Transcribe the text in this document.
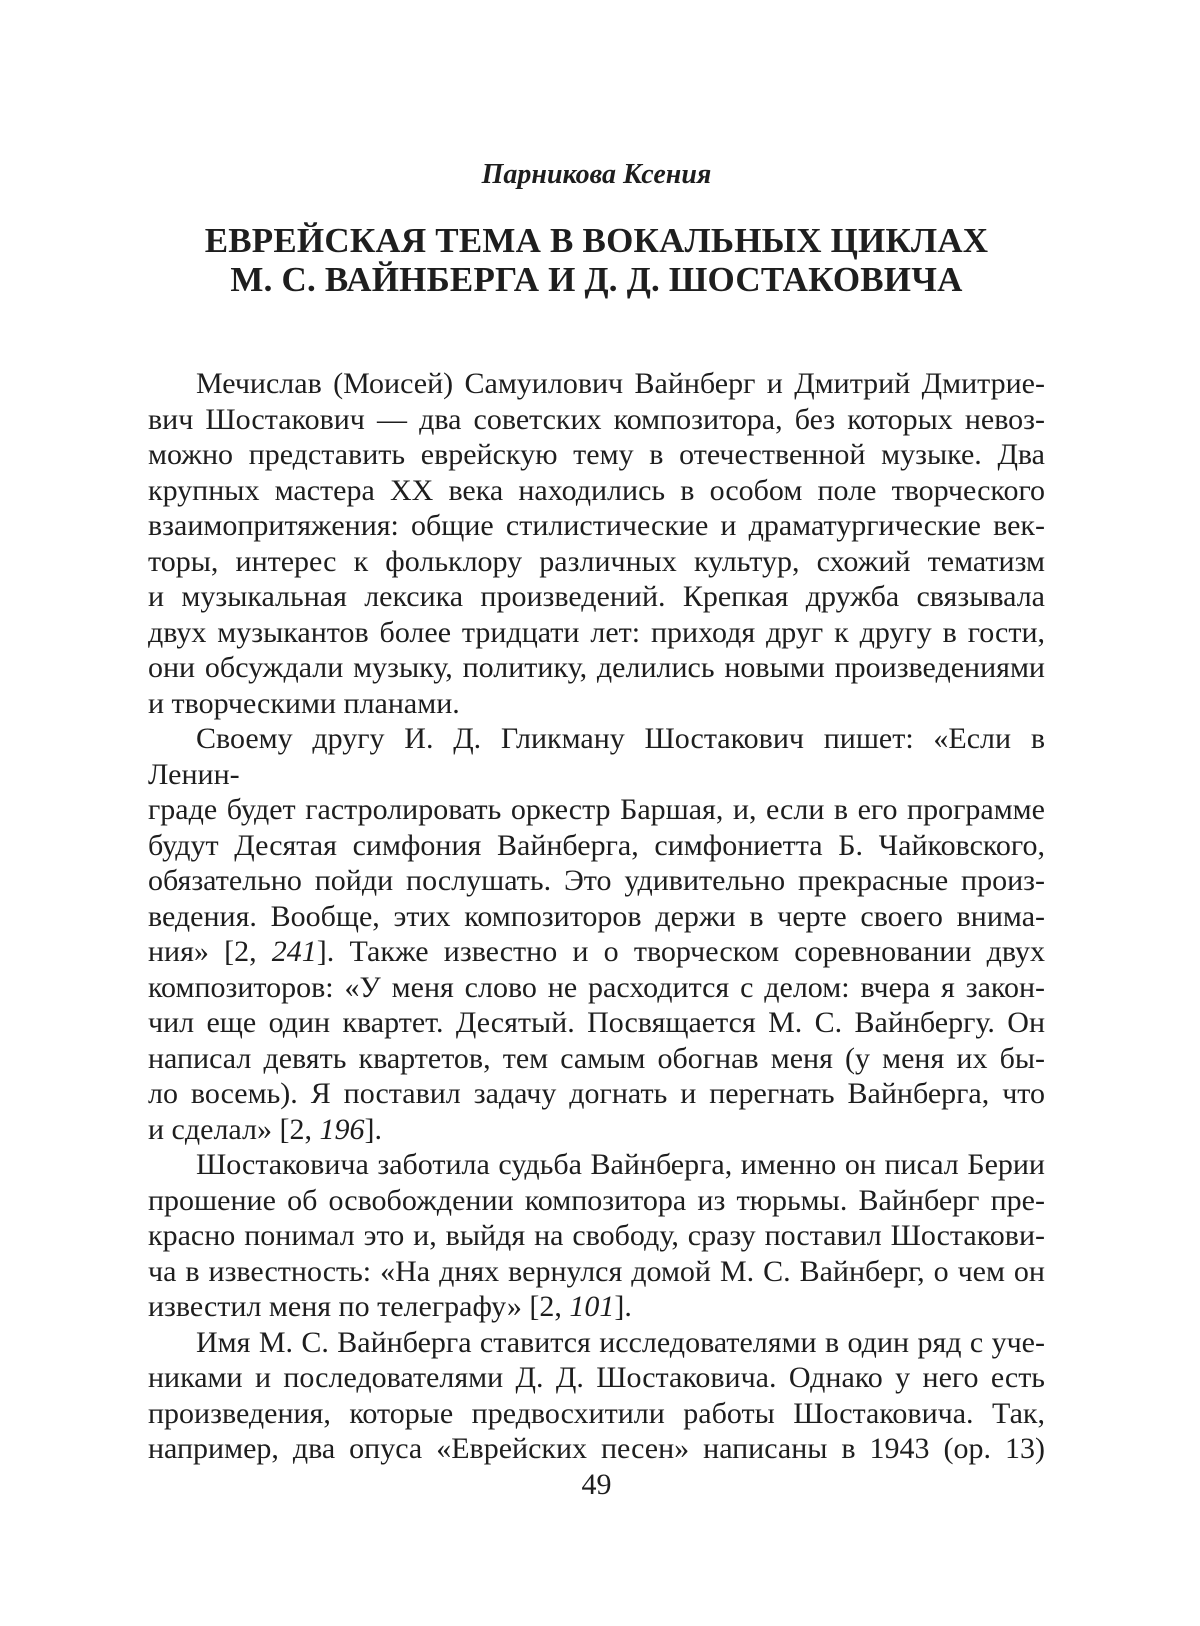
Парникова Ксения
ЕВРЕЙСКАЯ ТЕМА В ВОКАЛЬНЫХ ЦИКЛАХ
М. С. ВАЙНБЕРГА И Д. Д. ШОСТАКОВИЧА
Мечислав (Моисей) Самуилович Вайнберг и Дмитрий Дмитрие-
вич Шостакович — два советских композитора, без которых невоз-
можно представить еврейскую тему в отечественной музыке. Два
крупных мастера XX века находились в особом поле творческого
взаимопритяжения: общие стилистические и драматургические век-
торы, интерес к фольклору различных культур, схожий тематизм
и музыкальная лексика произведений. Крепкая дружба связывала
двух музыкантов более тридцати лет: приходя друг к другу в гости,
они обсуждали музыку, политику, делились новыми произведениями
и творческими планами.
Своему другу И. Д. Гликману Шостакович пишет: «Если в Ленин-
граде будет гастролировать оркестр Баршая, и, если в его программе
будут Десятая симфония Вайнберга, симфониетта Б. Чайковского,
обязательно пойди послушать. Это удивительно прекрасные произ-
ведения. Вообще, этих композиторов держи в черте своего внима-
ния» [2, 241]. Также известно и о творческом соревновании двух
композиторов: «У меня слово не расходится с делом: вчера я закон-
чил еще один квартет. Десятый. Посвящается М. С. Вайнбергу. Он
написал девять квартетов, тем самым обогнав меня (у меня их бы-
ло восемь). Я поставил задачу догнать и перегнать Вайнберга, что
и сделал» [2, 196].
Шостаковича заботила судьба Вайнберга, именно он писал Берии
прошение об освобождении композитора из тюрьмы. Вайнберг пре-
красно понимал это и, выйдя на свободу, сразу поставил Шостакови-
ча в известность: «На днях вернулся домой М. С. Вайнберг, о чем он
известил меня по телеграфу» [2, 101].
Имя М. С. Вайнберга ставится исследователями в один ряд с уче-
никами и последователями Д. Д. Шостаковича. Однако у него есть
произведения, которые предвосхитили работы Шостаковича. Так,
например, два опуса «Еврейских песен» написаны в 1943 (ор. 13)
49
